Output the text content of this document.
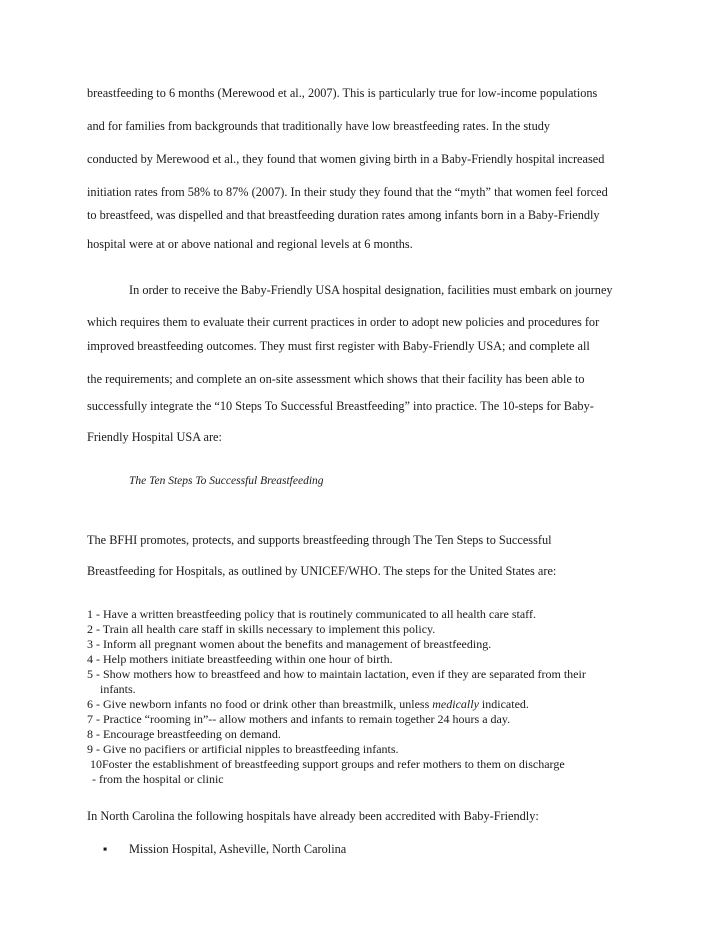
breastfeeding to 6 months (Merewood et al., 2007). This is particularly true for low-income populations

and for families from backgrounds that traditionally have low breastfeeding rates. In the study

conducted by Merewood et al., they found that women giving birth in a Baby-Friendly hospital increased

initiation rates from 58% to 87% (2007). In their study they found that the “myth” that women feel forced

to breastfeed, was dispelled and that breastfeeding duration rates among infants born in a Baby-Friendly

hospital were at or above national and regional levels at 6 months.

In order to receive the Baby-Friendly USA hospital designation, facilities must embark on journey

which requires them to evaluate their current practices in order to adopt new policies and procedures for

improved breastfeeding outcomes. They must first register with Baby-Friendly USA; and complete all

the requirements; and complete an on-site assessment which shows that their facility has been able to

successfully integrate the “10 Steps To Successful Breastfeeding” into practice. The 10-steps for Baby-

Friendly Hospital USA are:

The Ten Steps To Successful Breastfeeding

The BFHI promotes, protects, and supports breastfeeding through The Ten Steps to Successful

Breastfeeding for Hospitals, as outlined by UNICEF/WHO. The steps for the United States are:

1 - Have a written breastfeeding policy that is routinely communicated to all health care staff.

2 - Train all health care staff in skills necessary to implement this policy.

3 - Inform all pregnant women about the benefits and management of breastfeeding.

4 - Help mothers initiate breastfeeding within one hour of birth.

5 - Show mothers how to breastfeed and how to maintain lactation, even if they are separated from their

infants.

6 - Give newborn infants no food or drink other than breastmilk, unless medically indicated.

7 - Practice “rooming in”-- allow mothers and infants to remain together 24 hours a day.

8 - Encourage breastfeeding on demand.

9 - Give no pacifiers or artificial nipples to breastfeeding infants.

10Foster the establishment of breastfeeding support groups and refer mothers to them on discharge

- from the hospital or clinic

In North Carolina the following hospitals have already been accredited with Baby-Friendly:

▪ Mission Hospital, Asheville, North Carolina
